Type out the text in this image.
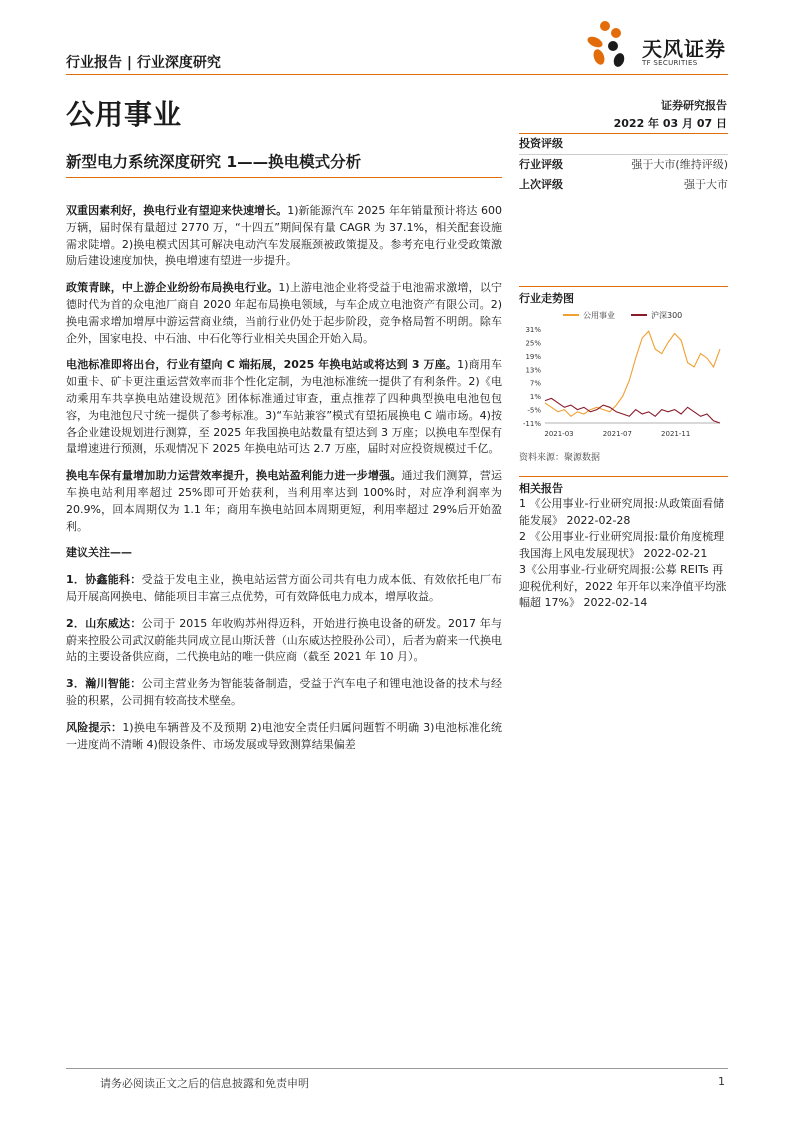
天风证券
TF SECURITIES
行业报告 | 行业深度研究
公用事业	证券研究报告
2022 年 03 月 07 日
新型电力系统深度研究 1——换电模式分析
投资评级
行业评级	强于大市(维持评级)
上次评级	强于大市

双重因素利好，换电行业有望迎来快速增长。1)新能源汽车 2025 年年销量预计将达 600 万辆，届时保有量超过 2770 万，“十四五”期间保有量 CAGR 为 37.1%，相关配套设施需求陡增。2)换电模式因其可解决电动汽车发展瓶颈被政策提及。参考充电行业受政策激励后建设速度加快，换电增速有望进一步提升。

政策青睐，中上游企业纷纷布局换电行业。1)上游电池企业将受益于电池需求激增，以宁德时代为首的众电池厂商自 2020 年起布局换电领域，与车企成立电池资产有限公司。2)换电需求增加增厚中游运营商业绩，当前行业仍处于起步阶段，竞争格局暂不明朗。除车企外，国家电投、中石油、中石化等行业相关央国企开始入局。

电池标准即将出台，行业有望向 C 端拓展，2025 年换电站或将达到 3 万座。1)商用车如重卡、矿卡更注重运营效率而非个性化定制，为电池标准统一提供了有利条件。2)《电动乘用车共享换电站建设规范》团体标准通过审查，重点推荐了四种典型换电电池包包容，为电池包尺寸统一提供了参考标准。3)“车站兼容”模式有望拓展换电 C 端市场。4)按各企业建设规划进行测算，至 2025 年我国换电站数量有望达到 3 万座；以换电车型保有量增速进行预测，乐观情况下 2025 年换电站可达 2.7 万座，届时对应投资规模过千亿。

换电车保有量增加助力运营效率提升，换电站盈利能力进一步增强。通过我们测算，营运车换电站利用率超过 25%即可开始获利，当利用率达到 100%时，对应净利润率为 20.9%，回本周期仅为 1.1 年；商用车换电站回本周期更短，利用率超过 29%后开始盈利。

建议关注——

1．协鑫能科：受益于发电主业，换电站运营方面公司共有电力成本低、有效依托电厂布局开展高网换电、储能项目丰富三点优势，可有效降低电力成本，增厚收益。

2．山东威达：公司于 2015 年收购苏州得迈科，开始进行换电设备的研发。2017 年与蔚来控股公司武汉蔚能共同成立昆山斯沃普（山东威达控股孙公司），后者为蔚来一代换电站的主要设备供应商，二代换电站的唯一供应商（截至 2021 年 10 月）。

3．瀚川智能：公司主营业务为智能装备制造，受益于汽车电子和锂电池设备的技术与经验的积累，公司拥有较高技术壁垒。

风险提示：1)换电车辆普及不及预期 2)电池安全责任归属问题暂不明确 3)电池标准化统一进度尚不清晰 4)假设条件、市场发展或导致测算结果偏差

行业走势图
公用事业	沪深300
31%
25%
19%
13%
7%
1%
-5%
-11%
2021-03	2021-07	2021-11
资料来源：聚源数据
相关报告
1 《公用事业-行业研究周报:从政策面看储能发展》 2022-02-28
2 《公用事业-行业研究周报:量价角度梳理我国海上风电发展现状》 2022-02-21
3《公用事业-行业研究周报:公募 REITs 再迎税优利好，2022 年开年以来净值平均涨幅超 17%》 2022-02-14
请务必阅读正文之后的信息披露和免责申明	1
